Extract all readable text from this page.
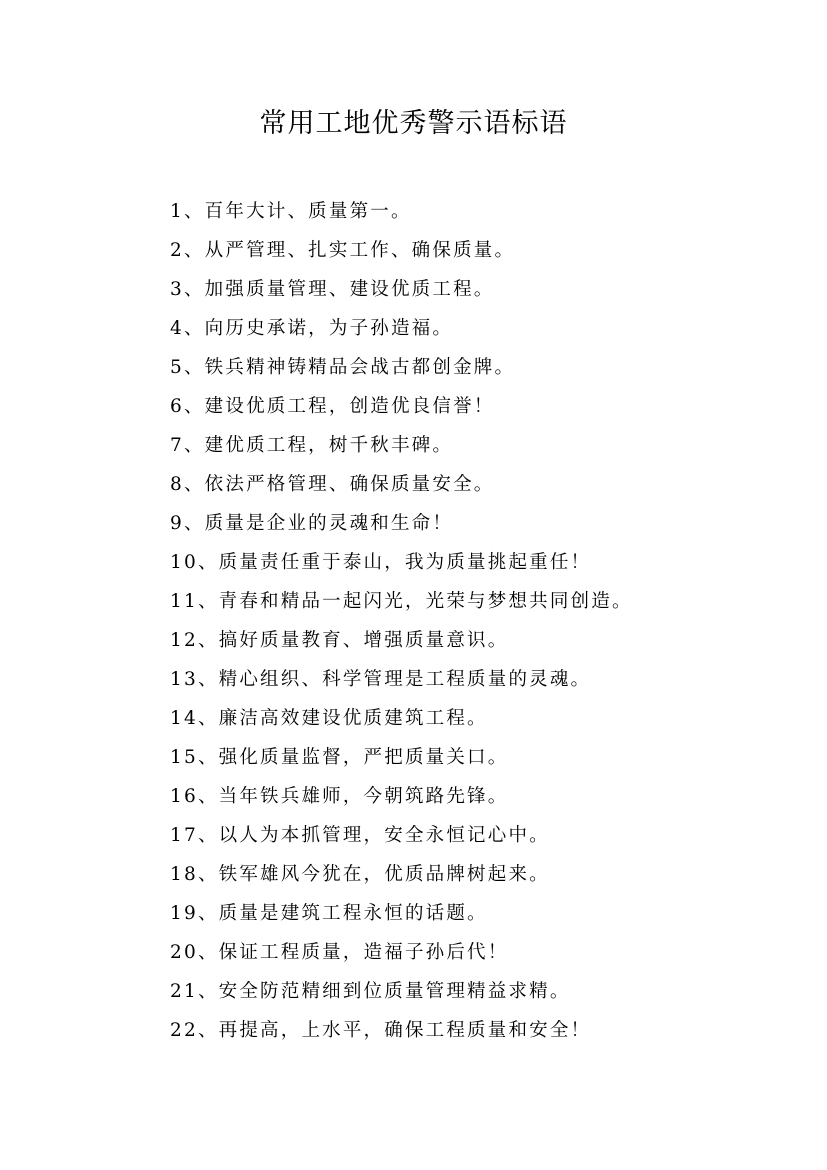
常用工地优秀警示语标语
1、百年大计、质量第一。
2、从严管理、扎实工作、确保质量。
3、加强质量管理、建设优质工程。
4、向历史承诺，为子孙造福。
5、铁兵精神铸精品会战古都创金牌。
6、建设优质工程，创造优良信誉！
7、建优质工程，树千秋丰碑。
8、依法严格管理、确保质量安全。
9、质量是企业的灵魂和生命！
10、质量责任重于泰山，我为质量挑起重任！
11、青春和精品一起闪光，光荣与梦想共同创造。
12、搞好质量教育、增强质量意识。
13、精心组织、科学管理是工程质量的灵魂。
14、廉洁高效建设优质建筑工程。
15、强化质量监督，严把质量关口。
16、当年铁兵雄师，今朝筑路先锋。
17、以人为本抓管理，安全永恒记心中。
18、铁军雄风今犹在，优质品牌树起来。
19、质量是建筑工程永恒的话题。
20、保证工程质量，造福子孙后代！
21、安全防范精细到位质量管理精益求精。
22、再提高，上水平，确保工程质量和安全！
